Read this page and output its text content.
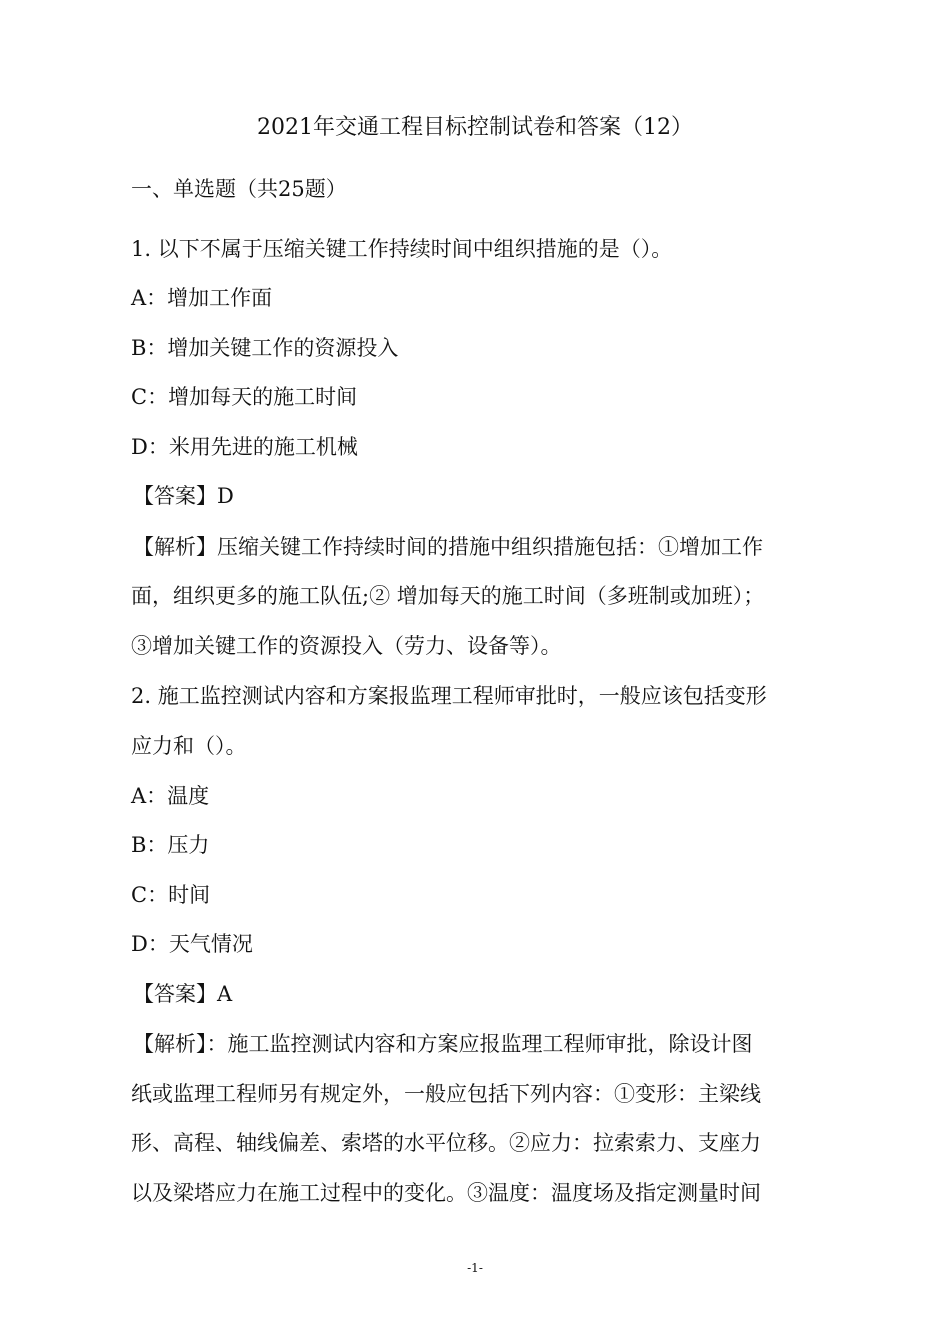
2021年交通工程目标控制试卷和答案（12）
一、单选题（共25题）
1. 以下不属于压缩关键工作持续时间中组织措施的是（）。
A：增加工作面
B：增加关键工作的资源投入
C：增加每天的施工时间
D：米用先进的施工机械
【答案】D
【解析】压缩关键工作持续时间的措施中组织措施包括：①增加工作
面，组织更多的施工队伍;② 增加每天的施工时间（多班制或加班）；
③增加关键工作的资源投入（劳力、设备等）。
2. 施工监控测试内容和方案报监理工程师审批时，一般应该包括变形
应力和（）。
A：温度
B：压力
C：时间
D：天气情况
【答案】A
【解析】：施工监控测试内容和方案应报监理工程师审批，除设计图
纸或监理工程师另有规定外，一般应包括下列内容：①变形：主梁线
形、高程、轴线偏差、索塔的水平位移。②应力：拉索索力、支座力
以及梁塔应力在施工过程中的变化。③温度：温度场及指定测量时间
-1-
